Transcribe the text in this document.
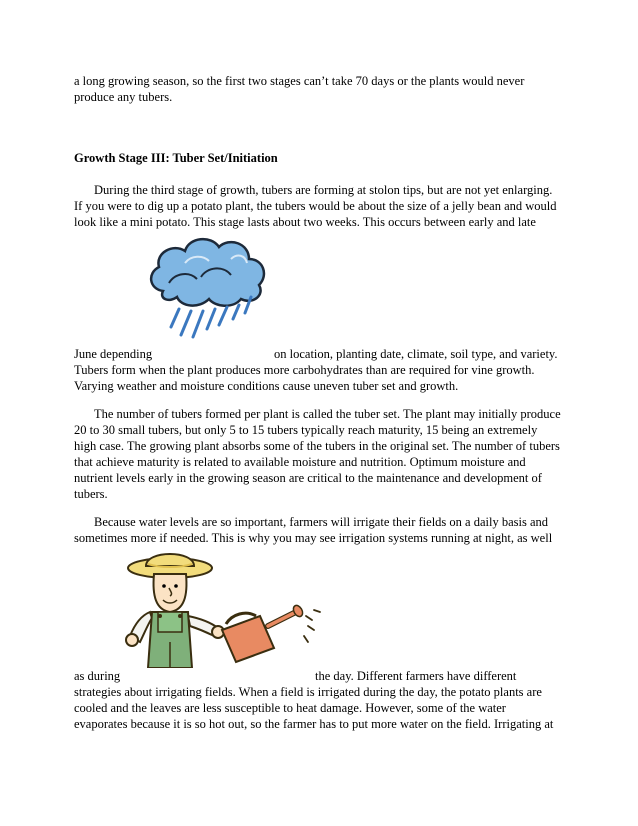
a long growing season, so the first two stages can’t take 70 days or the plants would never
produce any tubers.
Growth Stage III: Tuber Set/Initiation
During the third stage of growth, tubers are forming at stolon tips, but are not yet enlarging.
If you were to dig up a potato plant, the tubers would be about the size of a jelly bean and would
look like a mini potato. This stage lasts about two weeks. This occurs between early and late
June depending	on location, planting date, climate, soil type, and variety.
Tubers form when the plant produces more carbohydrates than are required for vine growth.
Varying weather and moisture conditions cause uneven tuber set and growth.
The number of tubers formed per plant is called the tuber set. The plant may initially produce
20 to 30 small tubers, but only 5 to 15 tubers typically reach maturity, 15 being an extremely
high case. The growing plant absorbs some of the tubers in the original set. The number of tubers
that achieve maturity is related to available moisture and nutrition. Optimum moisture and
nutrient levels early in the growing season are critical to the maintenance and development of
tubers.
Because water levels are so important, farmers will irrigate their fields on a daily basis and
sometimes more if needed. This is why you may see irrigation systems running at night, as well
as during	the day. Different farmers have different
strategies about irrigating fields. When a field is irrigated during the day, the potato plants are
cooled and the leaves are less susceptible to heat damage. However, some of the water
evaporates because it is so hot out, so the farmer has to put more water on the field. Irrigating at
